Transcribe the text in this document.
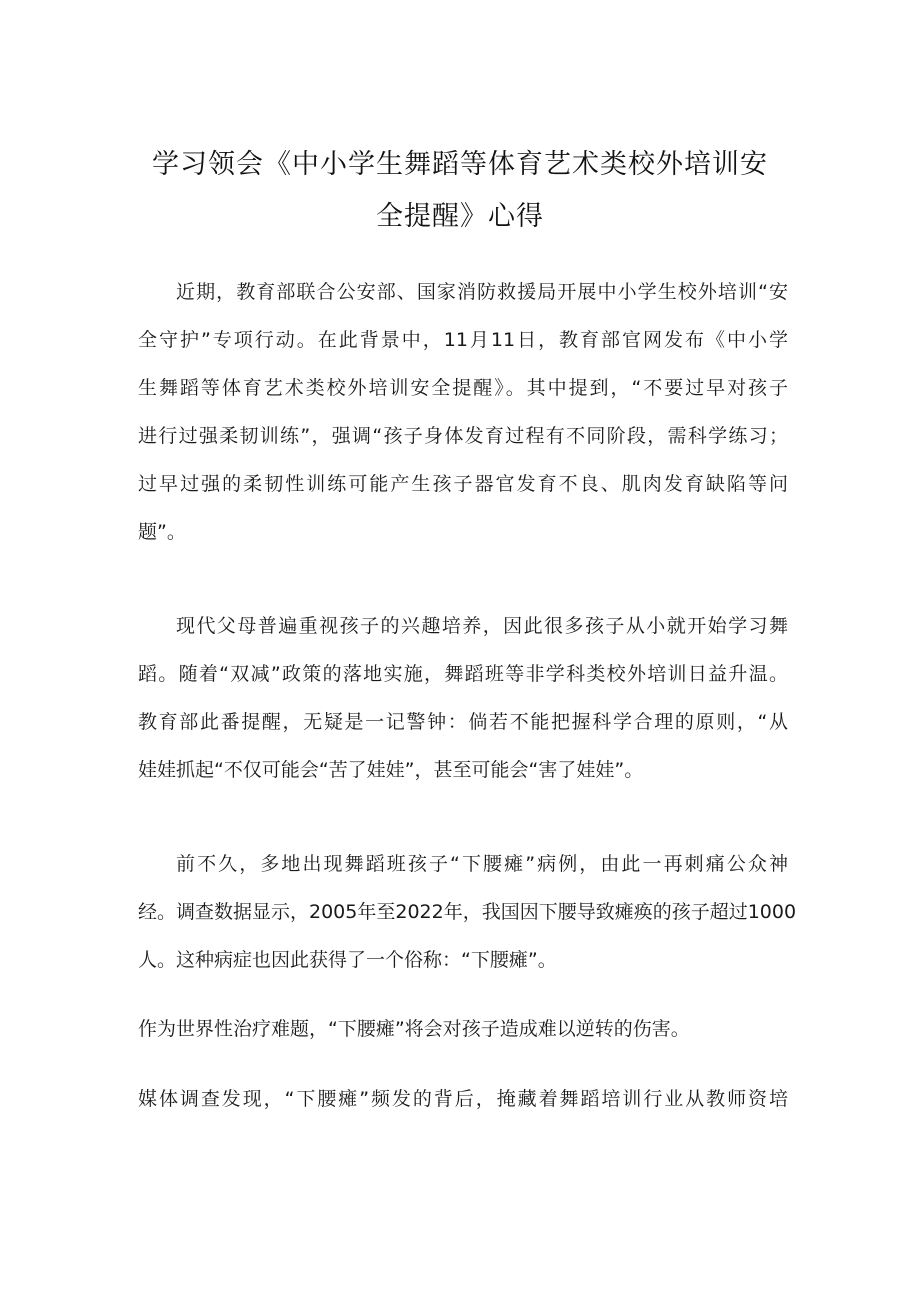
学习领会《中小学生舞蹈等体育艺术类校外培训安
全提醒》心得
近期，教育部联合公安部、国家消防救援局开展中小学生校外培训“安
全守护”专项行动。在此背景中，11月11日，教育部官网发布《中小学
生舞蹈等体育艺术类校外培训安全提醒》。其中提到，“不要过早对孩子
进行过强柔韧训练”，强调“孩子身体发育过程有不同阶段，需科学练习；
过早过强的柔韧性训练可能产生孩子器官发育不良、肌肉发育缺陷等问
题”。
现代父母普遍重视孩子的兴趣培养，因此很多孩子从小就开始学习舞
蹈。随着“双减”政策的落地实施，舞蹈班等非学科类校外培训日益升温。
教育部此番提醒，无疑是一记警钟：倘若不能把握科学合理的原则，“从
娃娃抓起“不仅可能会“苦了娃娃”，甚至可能会“害了娃娃”。
前不久，多地出现舞蹈班孩子“下腰瘫”病例，由此一再刺痛公众神
经。调查数据显示，2005年至2022年，我国因下腰导致瘫痪的孩子超过1000
人。这种病症也因此获得了一个俗称：“下腰瘫”。
作为世界性治疗难题，“下腰瘫”将会对孩子造成难以逆转的伤害。
媒体调查发现，“下腰瘫”频发的背后，掩藏着舞蹈培训行业从教师资培
